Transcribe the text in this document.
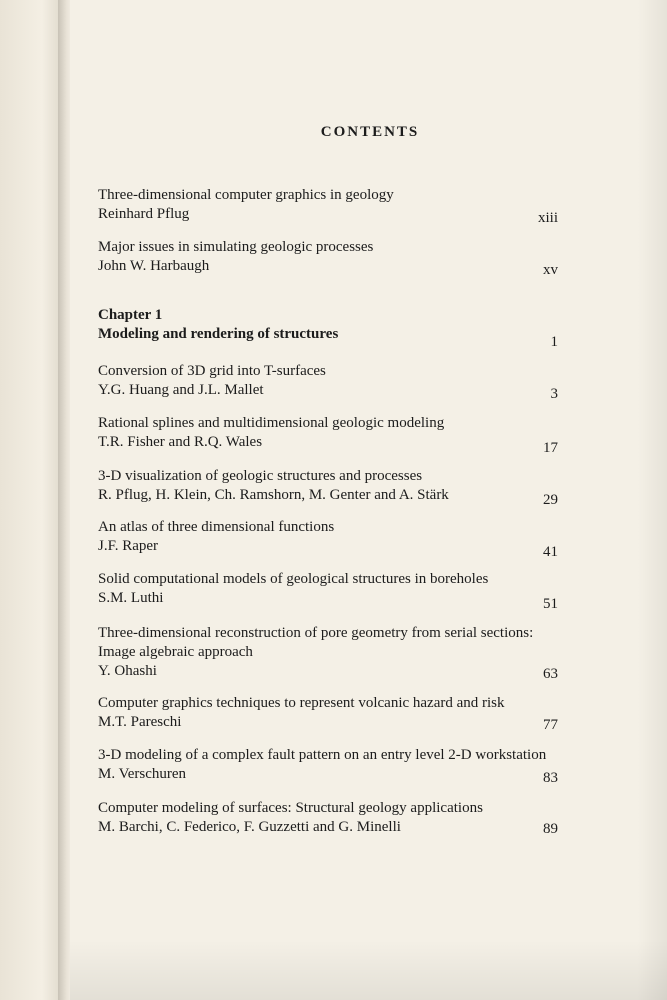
CONTENTS
Three-dimensional computer graphics in geology
Reinhard Pflug	xiii
Major issues in simulating geologic processes
John W. Harbaugh	xv
Chapter 1
Modeling and rendering of structures	1
Conversion of 3D grid into T-surfaces
Y.G. Huang and J.L. Mallet	3
Rational splines and multidimensional geologic modeling
T.R. Fisher and R.Q. Wales	17
3-D visualization of geologic structures and processes
R. Pflug, H. Klein, Ch. Ramshorn, M. Genter and A. Stärk	29
An atlas of three dimensional functions
J.F. Raper	41
Solid computational models of geological structures in boreholes
S.M. Luthi	51
Three-dimensional reconstruction of pore geometry from serial sections:
Image algebraic approach
Y. Ohashi	63
Computer graphics techniques to represent volcanic hazard and risk
M.T. Pareschi	77
3-D modeling of a complex fault pattern on an entry level 2-D workstation
M. Verschuren	83
Computer modeling of surfaces: Structural geology applications
M. Barchi, C. Federico, F. Guzzetti and G. Minelli	89
